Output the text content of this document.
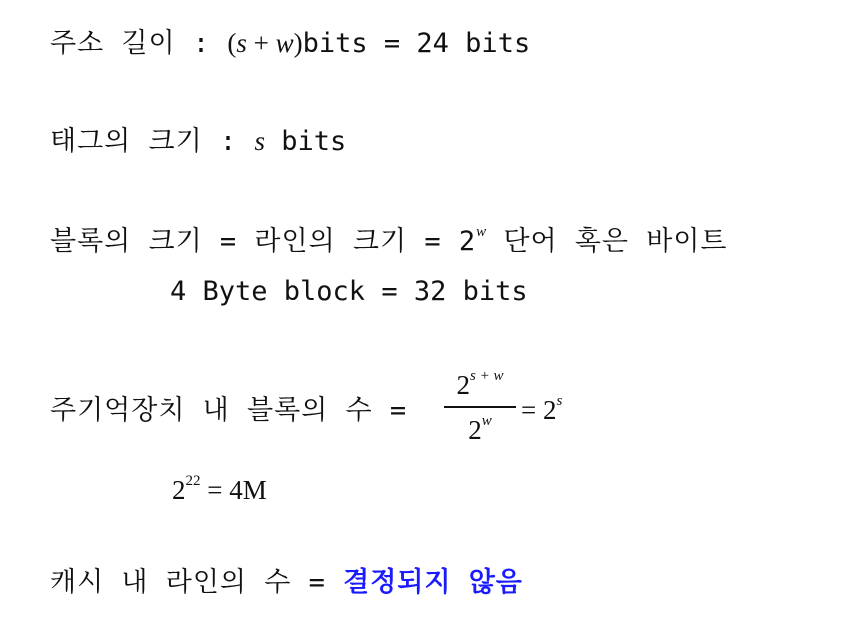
주소 길이 : (s + w)bits = 24 bits
태그의 크기 : s bits
블록의 크기 = 라인의 크기 = $2^w$ 단어 혹은 바이트
4 Byte block = 32 bits
주기억장치 내 블록의 수 =
$2^{s + w}$
$2^w = 2^s$
$2^{22} = 4M$
캐시 내 라인의 수 = 결정되지 않음
